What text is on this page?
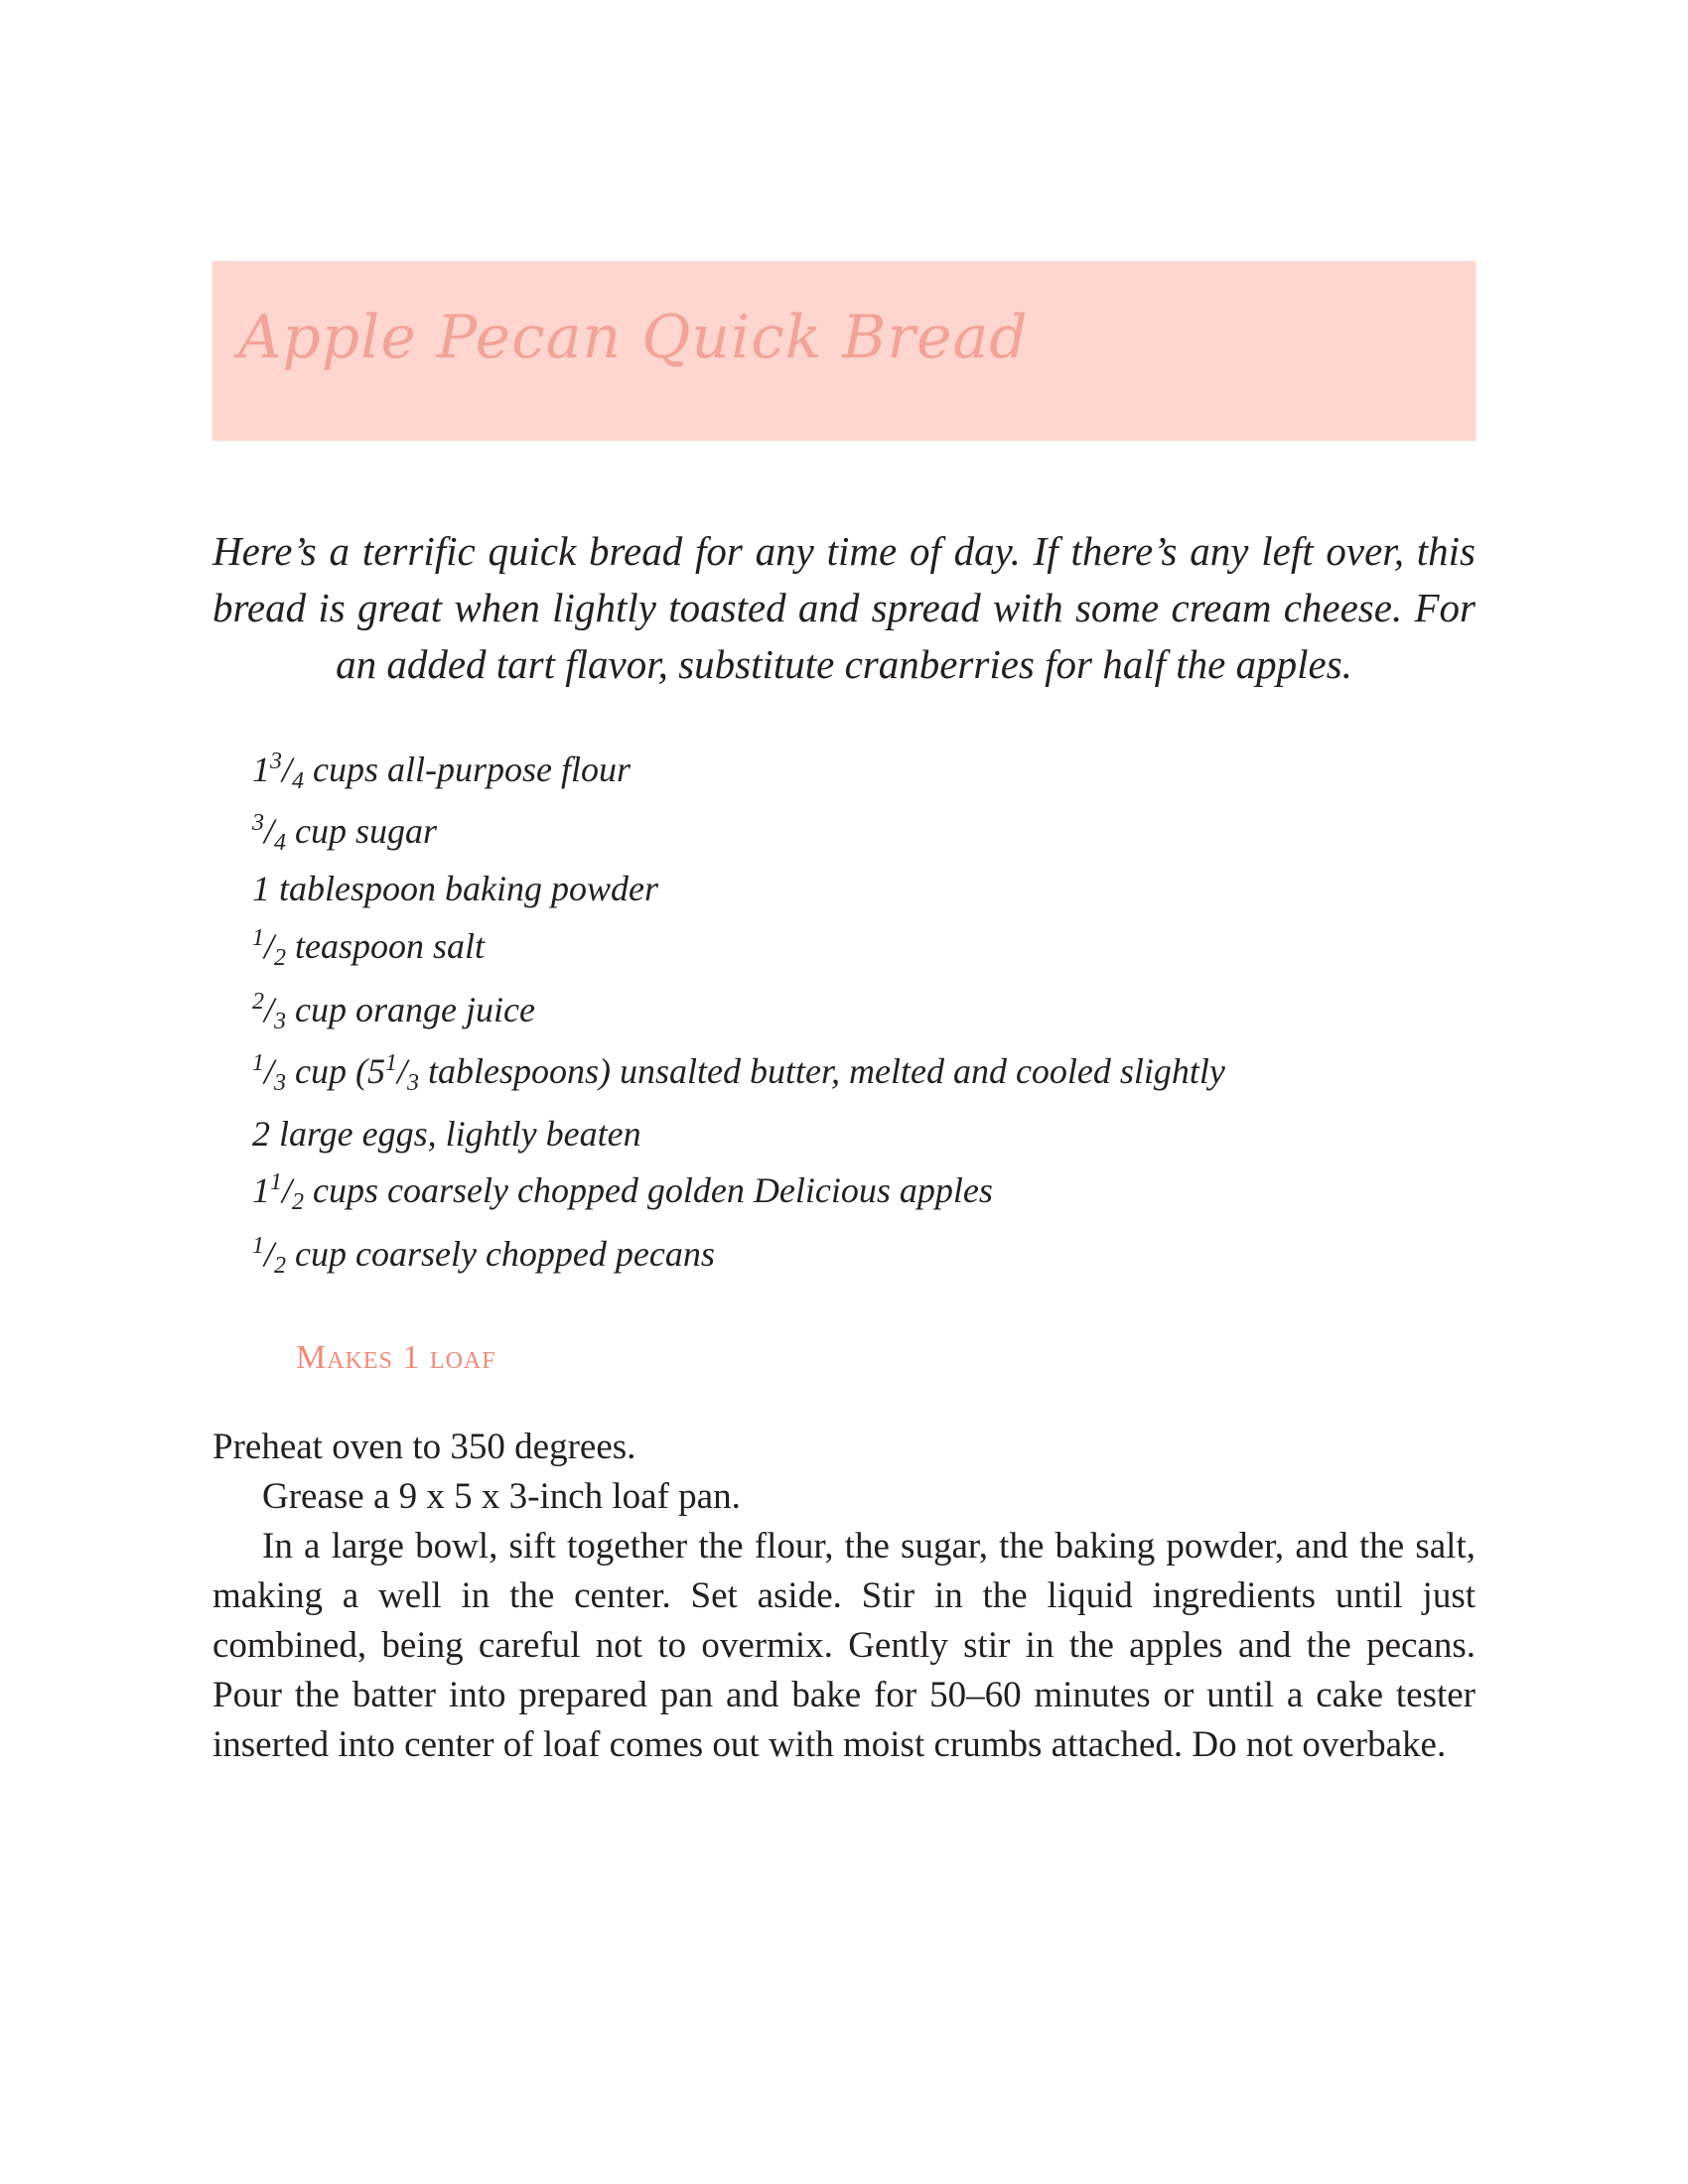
Apple Pecan Quick Bread

Here’s a terrific quick bread for any time of day. If there’s any left over, this
bread is great when lightly toasted and spread with some cream cheese. For
an added tart flavor, substitute cranberries for half the apples.

$1^3/_4$ cups all-purpose flour
$^3/_4$ cup sugar
1 tablespoon baking powder
$^1/_2$ teaspoon salt
$^2/_3$ cup orange juice
$^1/_3$ cup ($5^1/_3$ tablespoons) unsalted butter, melted and cooled slightly
2 large eggs, lightly beaten
$1^1/_2$ cups coarsely chopped golden Delicious apples
$^1/_2$ cup coarsely chopped pecans

Makes 1 loaf

Preheat oven to 350 degrees.

Grease a 9 x 5 x 3-inch loaf pan.

In a large bowl, sift together the flour, the sugar, the baking powder, and the salt, making a well in the center. Set aside. Stir in the liquid ingredients until just combined, being careful not to overmix. Gently stir in the apples and the pecans. Pour the batter into prepared pan and bake for 50–60 minutes or until a cake tester inserted into center of loaf comes out with moist crumbs attached. Do not overbake.
